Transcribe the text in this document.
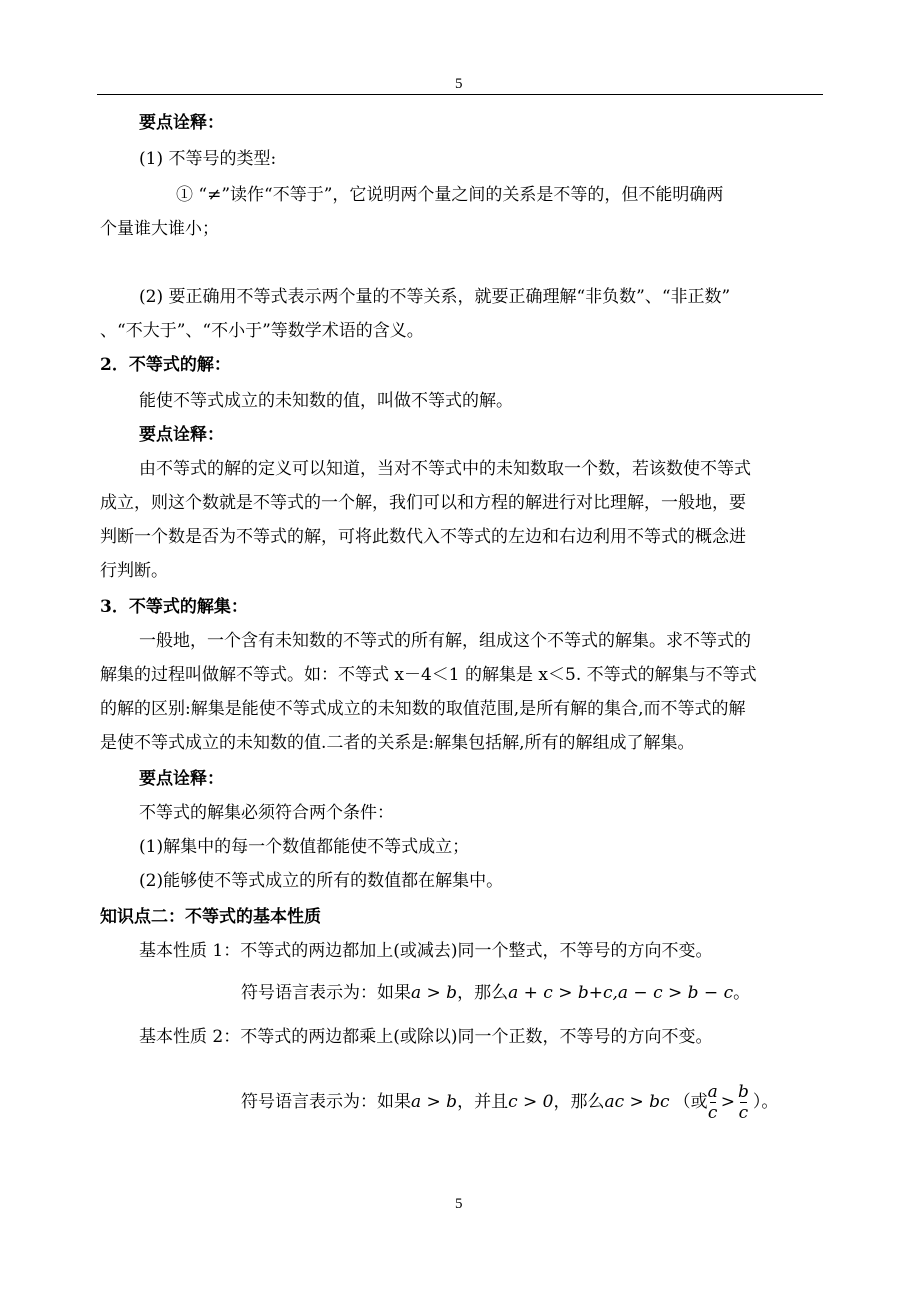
5
要点诠释：
(1) 不等号的类型:
① “≠”读作“不等于”，它说明两个量之间的关系是不等的，但不能明确两
个量谁大谁小；
(2) 要正确用不等式表示两个量的不等关系，就要正确理解“非负数”、“非正数”
、“不大于”、“不小于”等数学术语的含义。
2．不等式的解：
能使不等式成立的未知数的值，叫做不等式的解。
要点诠释：
由不等式的解的定义可以知道，当对不等式中的未知数取一个数，若该数使不等式
成立，则这个数就是不等式的一个解，我们可以和方程的解进行对比理解，一般地，要
判断一个数是否为不等式的解，可将此数代入不等式的左边和右边利用不等式的概念进
行判断。
3．不等式的解集：
一般地，一个含有未知数的不等式的所有解，组成这个不等式的解集。求不等式的
解集的过程叫做解不等式。如：不等式 x－4＜1 的解集是 x＜5. 不等式的解集与不等式
的解的区别:解集是能使不等式成立的未知数的取值范围,是所有解的集合,而不等式的解
是使不等式成立的未知数的值.二者的关系是:解集包括解,所有的解组成了解集。
要点诠释：
不等式的解集必须符合两个条件：
(1)解集中的每一个数值都能使不等式成立；
(2)能够使不等式成立的所有的数值都在解集中。
知识点二：不等式的基本性质
基本性质 1：不等式的两边都加上(或减去)同一个整式，不等号的方向不变。
符号语言表示为：如果a > b，那么a + c > b+c,a − c > b − c。
基本性质 2：不等式的两边都乘上(或除以)同一个正数，不等号的方向不变。
符号语言表示为：如果 a > b ，并且 c > 0 ，那么 ac > bc （或 $\frac{a}{c} > \frac{b}{c}$ ）。
5
